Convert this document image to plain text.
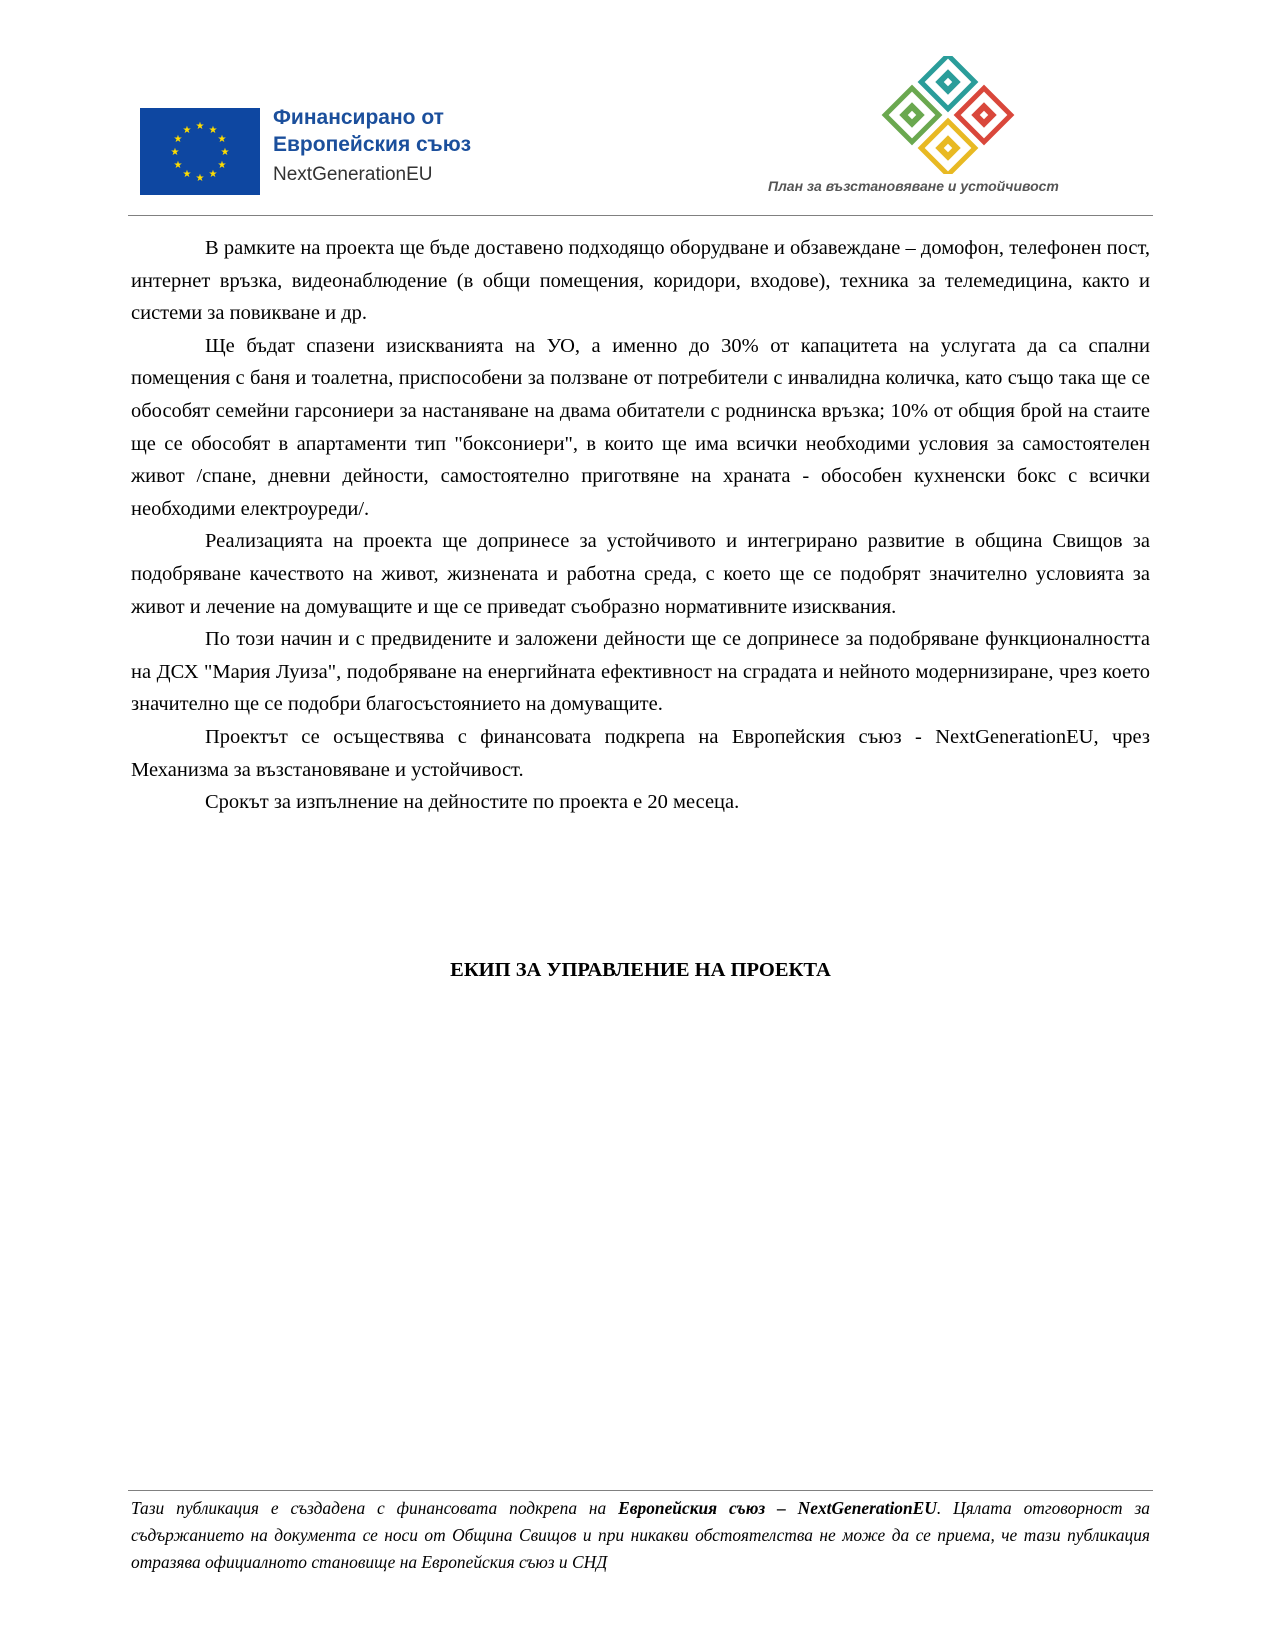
★ ★
★
★
★
★
★
★
★
★
★
★
Финансирано от
Европейския съюз
NextGenerationEU
План за възстановяване и устойчивост

В рамките на проекта ще бъде доставено подходящо оборудване и обзавеждане – домофон, телефонен пост, интернет връзка, видеонаблюдение (в общи помещения, коридори, входове), техника за телемедицина, както и системи за повикване и др.

Ще бъдат спазени изискванията на УО, а именно до 30% от капацитета на услугата да са спални помещения с баня и тоалетна, приспособени за ползване от потребители с инвалидна количка, като също така ще се обособят семейни гарсониери за настаняване на двама обитатели с роднинска връзка; 10% от общия брой на стаите ще се обособят в апартаменти тип "боксониери", в които ще има всички необходими условия за самостоятелен живот /спане, дневни дейности, самостоятелно приготвяне на храната - обособен кухненски бокс с всички необходими електроуреди/.

Реализацията на проекта ще допринесе за устойчивото и интегрирано развитие в община Свищов за подобряване качеството на живот, жизнената и работна среда, с което ще се подобрят значително условията за живот и лечение на домуващите и ще се приведат съобразно нормативните изисквания.

По този начин и с предвидените и заложени дейности ще се допринесе за подобряване функционалността на ДСХ "Мария Луиза", подобряване на енергийната ефективност на сградата и нейното модернизиране, чрез което значително ще се подобри благосъстоянието на домуващите.

Проектът се осъществява с финансовата подкрепа на Европейския съюз - NextGenerationEU, чрез Механизма за възстановяване и устойчивост.

Срокът за изпълнение на дейностите по проекта е 20 месеца.

ЕКИП ЗА УПРАВЛЕНИЕ НА ПРОЕКТА
Тази публикация е създадена с финансовата подкрепа на Европейския съюз – NextGenerationEU. Цялата отговорност за съдържанието на документа се носи от Община Свищов и при никакви обстоятелства не може да се приема, че тази публикация отразява официалното становище на Европейския съюз и СНД
